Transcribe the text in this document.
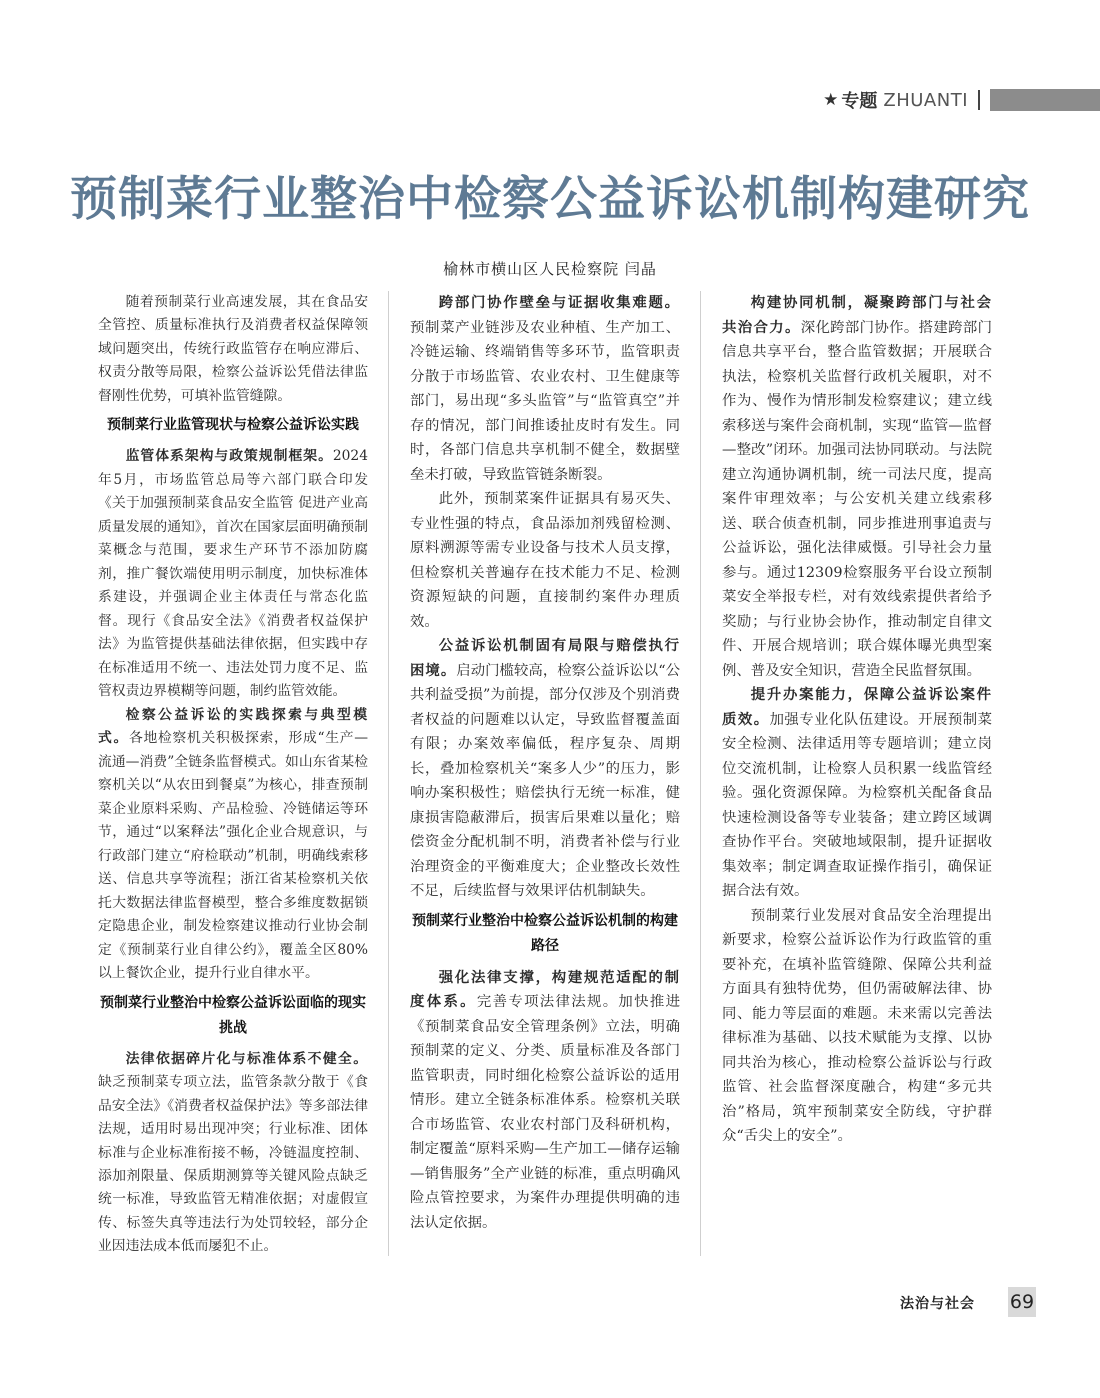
★ 专题 ZHUANTI
预制菜行业整治中检察公益诉讼机制构建研究
榆林市横山区人民检察院 闫晶

随着预制菜行业高速发展，其在食品安全管控、质量标准执行及消费者权益保障领域问题突出，传统行政监管存在响应滞后、权责分散等局限，检察公益诉讼凭借法律监督刚性优势，可填补监管缝隙。

预制菜行业监管现状与检察公益诉讼实践

监管体系架构与政策规制框架。2024年5月，市场监管总局等六部门联合印发《关于加强预制菜食品安全监管 促进产业高质量发展的通知》，首次在国家层面明确预制菜概念与范围，要求生产环节不添加防腐剂，推广餐饮端使用明示制度，加快标准体系建设，并强调企业主体责任与常态化监督。现行《食品安全法》《消费者权益保护法》为监管提供基础法律依据，但实践中存在标准适用不统一、违法处罚力度不足、监管权责边界模糊等问题，制约监管效能。

检察公益诉讼的实践探索与典型模式。各地检察机关积极探索，形成“生产—流通—消费”全链条监督模式。如山东省某检察机关以“从农田到餐桌”为核心，排查预制菜企业原料采购、产品检验、冷链储运等环节，通过“以案释法”强化企业合规意识，与行政部门建立“府检联动”机制，明确线索移送、信息共享等流程；浙江省某检察机关依托大数据法律监督模型，整合多维度数据锁定隐患企业，制发检察建议推动行业协会制定《预制菜行业自律公约》，覆盖全区80%以上餐饮企业，提升行业自律水平。

预制菜行业整治中检察公益诉讼面临的现实挑战

法律依据碎片化与标准体系不健全。缺乏预制菜专项立法，监管条款分散于《食品安全法》《消费者权益保护法》等多部法律法规，适用时易出现冲突；行业标准、团体标准与企业标准衔接不畅，冷链温度控制、添加剂限量、保质期测算等关键风险点缺乏统一标准，导致监管无精准依据；对虚假宣传、标签失真等违法行为处罚较轻，部分企业因违法成本低而屡犯不止。

跨部门协作壁垒与证据收集难题。预制菜产业链涉及农业种植、生产加工、冷链运输、终端销售等多环节，监管职责分散于市场监管、农业农村、卫生健康等部门，易出现“多头监管”与“监管真空”并存的情况，部门间推诿扯皮时有发生。同时，各部门信息共享机制不健全，数据壁垒未打破，导致监管链条断裂。

此外，预制菜案件证据具有易灭失、专业性强的特点，食品添加剂残留检测、原料溯源等需专业设备与技术人员支撑，但检察机关普遍存在技术能力不足、检测资源短缺的问题，直接制约案件办理质效。

公益诉讼机制固有局限与赔偿执行困境。启动门槛较高，检察公益诉讼以“公共利益受损”为前提，部分仅涉及个别消费者权益的问题难以认定，导致监督覆盖面有限；办案效率偏低，程序复杂、周期长，叠加检察机关“案多人少”的压力，影响办案积极性；赔偿执行无统一标准，健康损害隐蔽滞后，损害后果难以量化；赔偿资金分配机制不明，消费者补偿与行业治理资金的平衡难度大；企业整改长效性不足，后续监督与效果评估机制缺失。

预制菜行业整治中检察公益诉讼机制的构建路径

强化法律支撑，构建规范适配的制度体系。完善专项法律法规。加快推进《预制菜食品安全管理条例》立法，明确预制菜的定义、分类、质量标准及各部门监管职责，同时细化检察公益诉讼的适用情形。建立全链条标准体系。检察机关联合市场监管、农业农村部门及科研机构，制定覆盖“原料采购—生产加工—储存运输—销售服务”全产业链的标准，重点明确风险点管控要求，为案件办理提供明确的违法认定依据。

构建协同机制，凝聚跨部门与社会共治合力。深化跨部门协作。搭建跨部门信息共享平台，整合监管数据；开展联合执法，检察机关监督行政机关履职，对不作为、慢作为情形制发检察建议；建立线索移送与案件会商机制，实现“监管—监督—整改”闭环。加强司法协同联动。与法院建立沟通协调机制，统一司法尺度，提高案件审理效率；与公安机关建立线索移送、联合侦查机制，同步推进刑事追责与公益诉讼，强化法律威慑。引导社会力量参与。通过12309检察服务平台设立预制菜安全举报专栏，对有效线索提供者给予奖励；与行业协会协作，推动制定自律文件、开展合规培训；联合媒体曝光典型案例、普及安全知识，营造全民监督氛围。

提升办案能力，保障公益诉讼案件质效。加强专业化队伍建设。开展预制菜安全检测、法律适用等专题培训；建立岗位交流机制，让检察人员积累一线监管经验。强化资源保障。为检察机关配备食品快速检测设备等专业装备；建立跨区域调查协作平台。突破地域限制，提升证据收集效率；制定调查取证操作指引，确保证据合法有效。

预制菜行业发展对食品安全治理提出新要求，检察公益诉讼作为行政监管的重要补充，在填补监管缝隙、保障公共利益方面具有独特优势，但仍需破解法律、协同、能力等层面的难题。未来需以完善法律标准为基础、以技术赋能为支撑、以协同共治为核心，推动检察公益诉讼与行政监管、社会监督深度融合，构建“多元共治”格局，筑牢预制菜安全防线，守护群众“舌尖上的安全”。

法治与社会 69
